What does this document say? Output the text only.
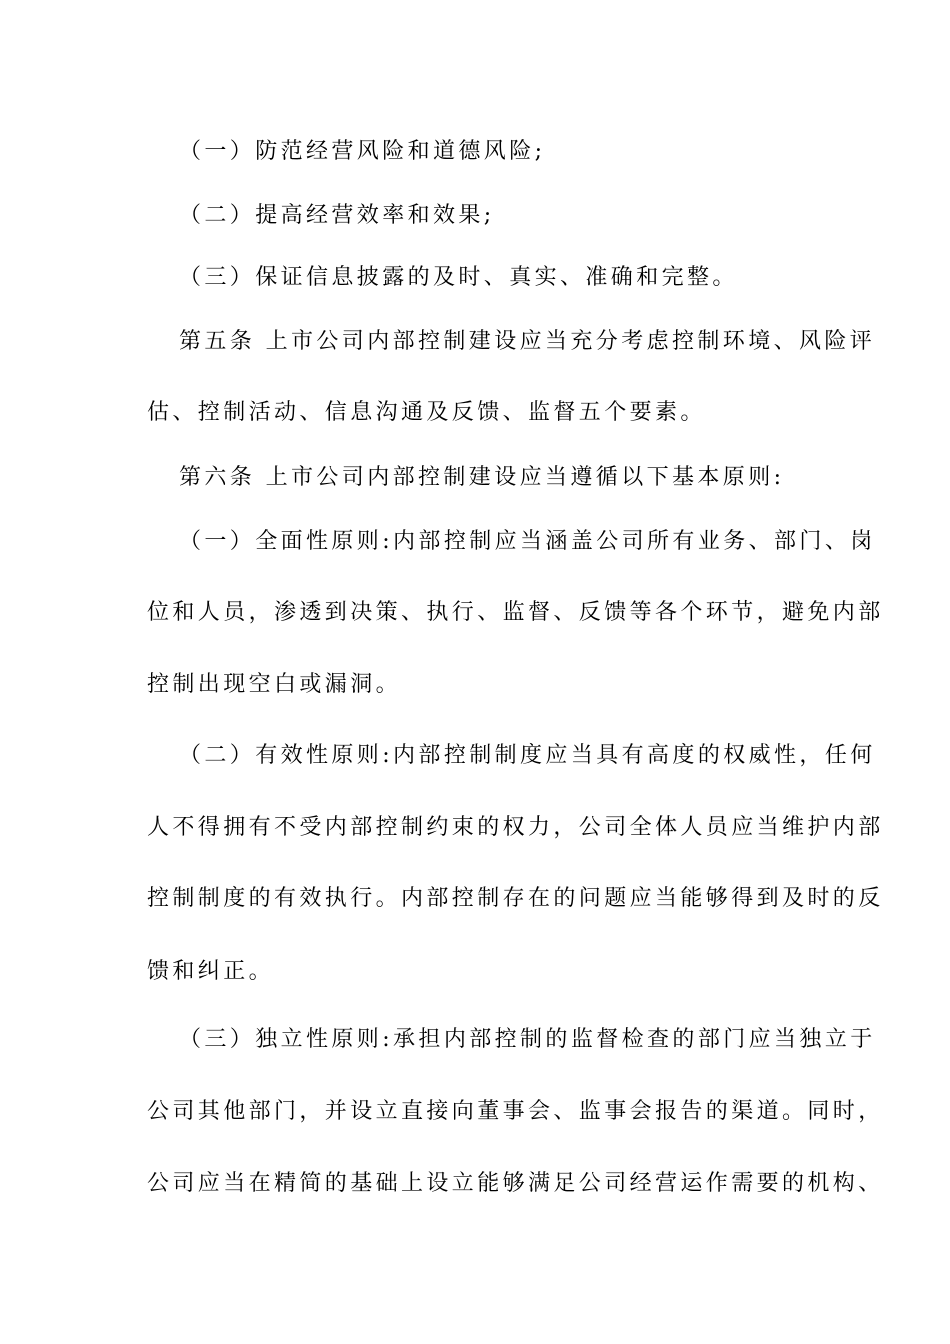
（一）防范经营风险和道德风险;
（二）提高经营效率和效果;
（三）保证信息披露的及时、真实、准确和完整。
第五条 上市公司内部控制建设应当充分考虑控制环境、风险评
估、控制活动、信息沟通及反馈、监督五个要素。
第六条 上市公司内部控制建设应当遵循以下基本原则:
（一）全面性原则:内部控制应当涵盖公司所有业务、部门、岗
位和人员，渗透到决策、执行、监督、反馈等各个环节，避免内部
控制出现空白或漏洞。
（二）有效性原则:内部控制制度应当具有高度的权威性，任何
人不得拥有不受内部控制约束的权力，公司全体人员应当维护内部
控制制度的有效执行。内部控制存在的问题应当能够得到及时的反
馈和纠正。
（三）独立性原则:承担内部控制的监督检查的部门应当独立于
公司其他部门，并设立直接向董事会、监事会报告的渠道。同时，
公司应当在精简的基础上设立能够满足公司经营运作需要的机构、
